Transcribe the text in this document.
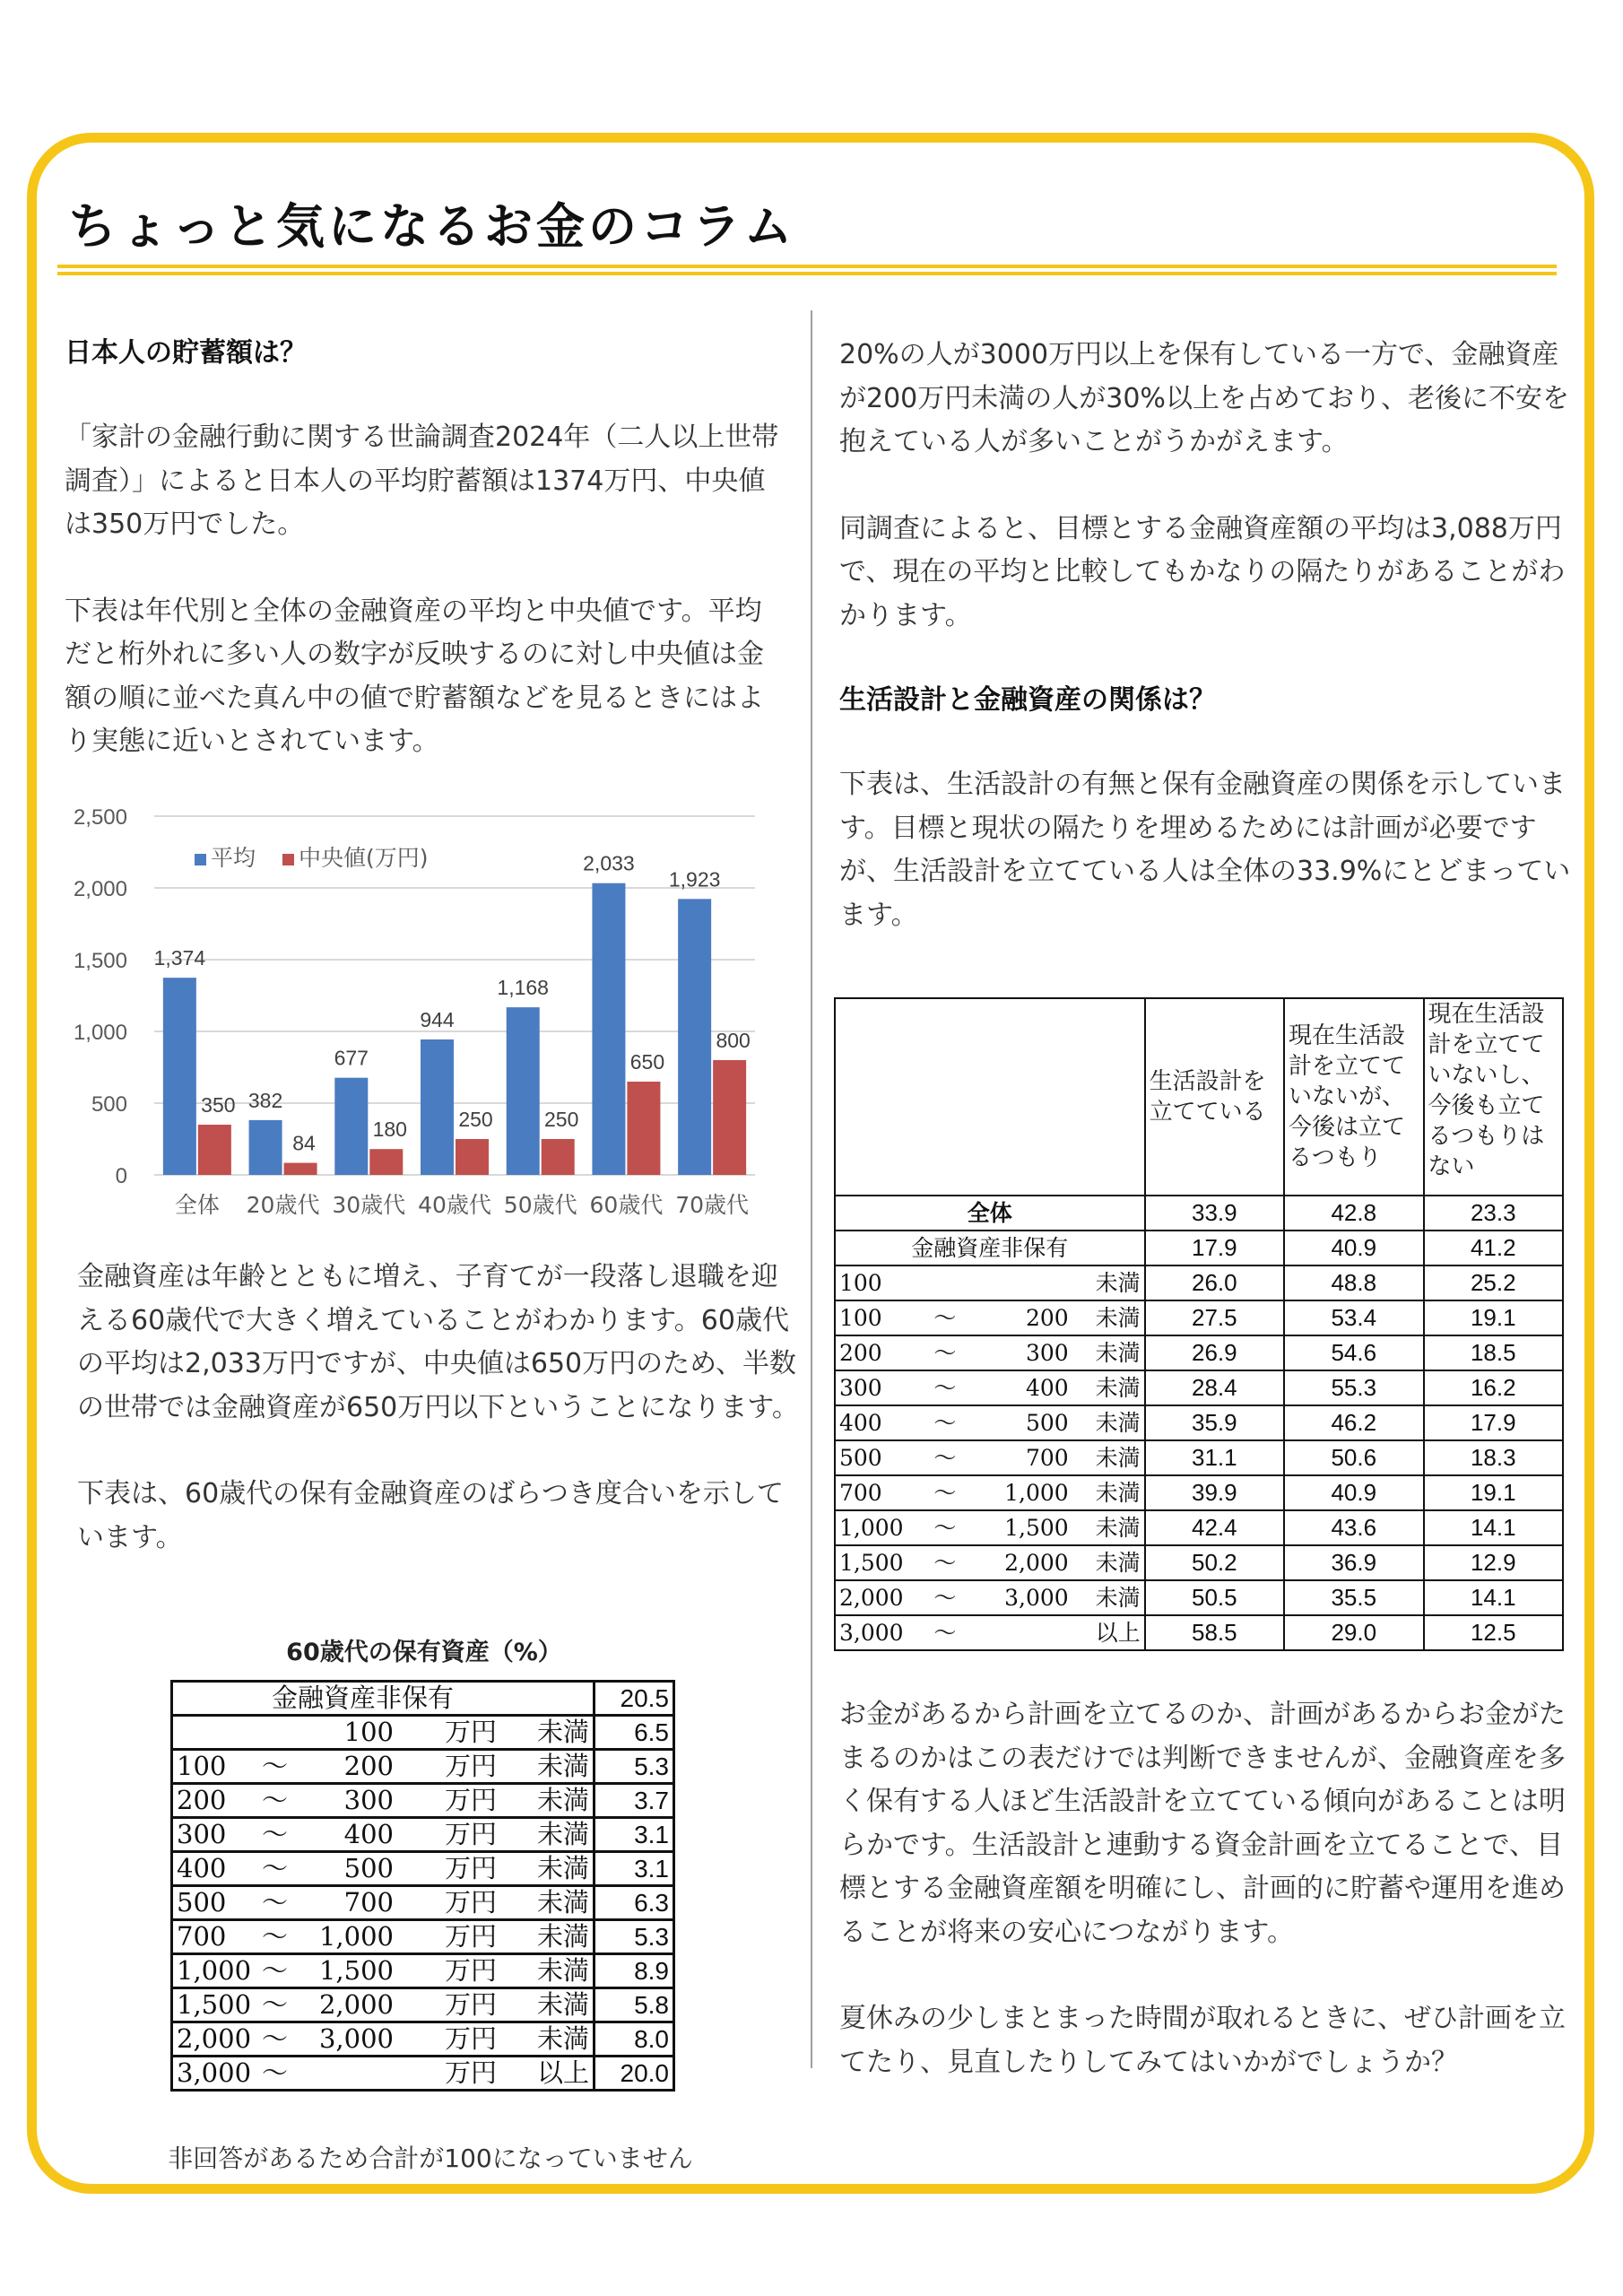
ちょっと気になるお金のコラム

日本人の貯蓄額は？

「家計の金融行動に関する世論調査2024年（二人以上世帯調査）」によると日本人の平均貯蓄額は1374万円、中央値は350万円でした。

下表は年代別と全体の金融資産の平均と中央値です。平均だと桁外れに多い人の数字が反映するのに対し中央値は金額の順に並べた真ん中の値で貯蓄額などを見るときにはより実態に近いとされています。

0
500
1,000
1,500
2,000
2,500
1,374
350 382
84
677
180
944
250
1,168
250
2,033
650
1,923
800
全体 20歳代 30歳代 40歳代 50歳代 60歳代 70歳代
平均 中央値(万円)

金融資産は年齢とともに増え、子育てが一段落し退職を迎える60歳代で大きく増えていることがわかります。60歳代の平均は2,033万円ですが、中央値は650万円のため、半数の世帯では金融資産が650万円以下ということになります。

下表は、60歳代の保有金融資産のばらつき度合いを示しています。

60歳代の保有資産（%）
金融資産非保有	20.5

100 万円 未満	6.5

100 ～ 200 万円 未満	5.3

200 ～ 300 万円 未満	3.7

300 ～ 400 万円 未満	3.1

400 ～ 500 万円 未満	3.1

500 ～ 700 万円 未満	6.3

700 ～ 1,000 万円 未満	5.3

1,000 ～ 1,500 万円 未満	8.9

1,500 ～ 2,000 万円 未満	5.8

2,000 ～ 3,000 万円 未満	8.0

3,000 ～ 万円 以上	20.0
非回答があるため合計が100になっていません

20%の人が3000万円以上を保有している一方で、金融資産が200万円未満の人が30%以上を占めており、老後に不安を抱えている人が多いことがうかがえます。

同調査によると、目標とする金融資産額の平均は3,088万円で、現在の平均と比較してもかなりの隔たりがあることがわかります。

生活設計と金融資産の関係は？

下表は、生活設計の有無と保有金融資産の関係を示しています。目標と現状の隔たりを埋めるためには計画が必要ですが、生活設計を立てている人は全体の33.9%にとどまっています。

	生活設計を立てている	現在生活設計を立てていないが、今後は立てるつもり	現在生活設計を立てていないし、今後も立てるつもりはない
全体	33.9	42.8	23.3
金融資産非保有	17.9	40.9	41.2

100 未満	26.0	48.8	25.2

100 ～ 200 未満	27.5	53.4	19.1

200 ～ 300 未満	26.9	54.6	18.5

300 ～ 400 未満	28.4	55.3	16.2

400 ～ 500 未満	35.9	46.2	17.9

500 ～ 700 未満	31.1	50.6	18.3

700 ～ 1,000 未満	39.9	40.9	19.1

1,000 ～ 1,500 未満	42.4	43.6	14.1

1,500 ～ 2,000 未満	50.2	36.9	12.9

2,000 ～ 3,000 未満	50.5	35.5	14.1

3,000 ～ 以上	58.5	29.0	12.5

お金があるから計画を立てるのか、計画があるからお金がたまるのかはこの表だけでは判断できませんが、金融資産を多く保有する人ほど生活設計を立てている傾向があることは明らかです。生活設計と連動する資金計画を立てることで、目標とする金融資産額を明確にし、計画的に貯蓄や運用を進めることが将来の安心につながります。

夏休みの少しまとまった時間が取れるときに、ぜひ計画を立てたり、見直したりしてみてはいかがでしょうか？
